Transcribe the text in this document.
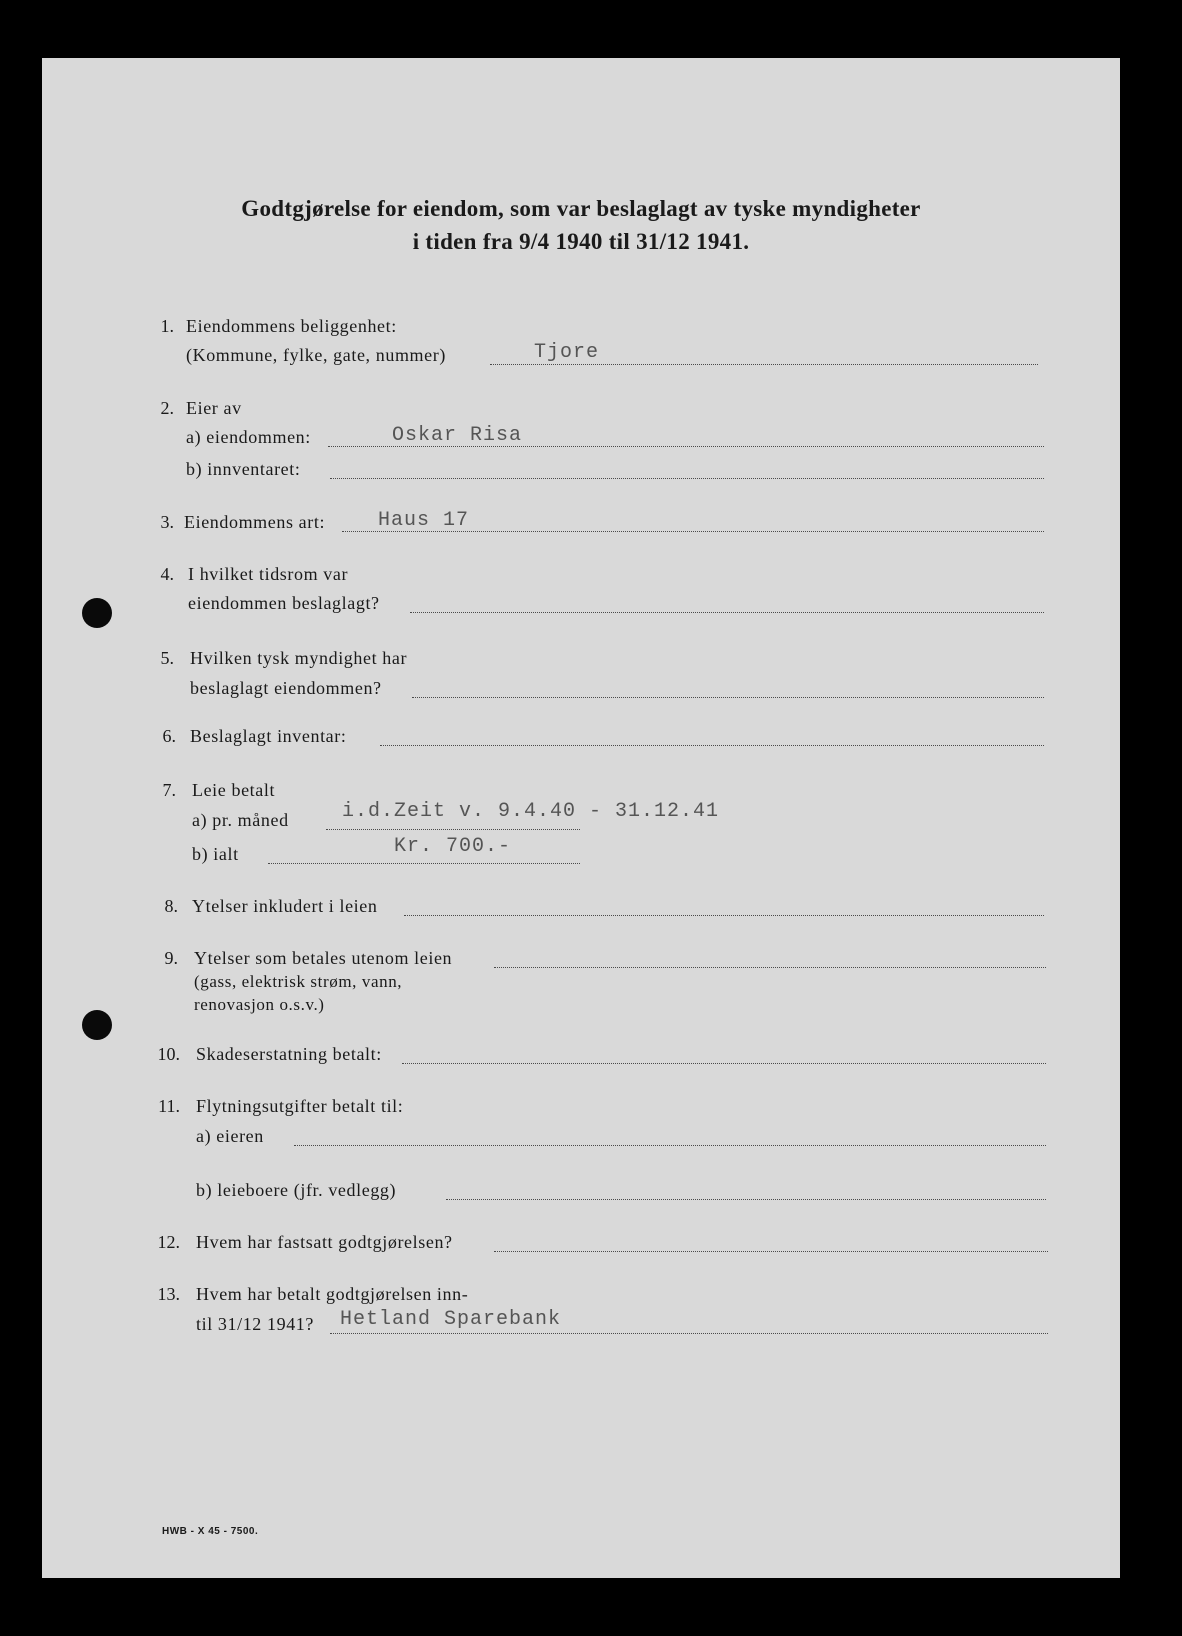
Godtgjørelse for eiendom, som var beslaglagt av tyske myndigheter
i tiden fra 9/4 1940 til 31/12 1941.
1. Eiendommens beliggenhet:
(Kommune, fylke, gate, nummer)	Tjore
2. Eier av
a) eiendommen:	Oskar Risa
b) innventaret:
3. Eiendommens art:	Haus 17
4. I hvilket tidsrom var
eiendommen beslaglagt?
5. Hvilken tysk myndighet har
beslaglagt eiendommen?
6. Beslaglagt inventar:
7. Leie betalt
a) pr. måned	i.d.Zeit v. 9.4.40 - 31.12.41
b) ialt	Kr. 700.-
8. Ytelser inkludert i leien
9. Ytelser som betales utenom leien
(gass, elektrisk strøm, vann,
renovasjon o.s.v.)
10. Skadeserstatning betalt:
11. Flytningsutgifter betalt til:
a) eieren
b) leieboere (jfr. vedlegg)
12. Hvem har fastsatt godtgjørelsen?
13. Hvem har betalt godtgjørelsen inn-
til 31/12 1941? Hetland Sparebank
HWB - X 45 - 7500.
